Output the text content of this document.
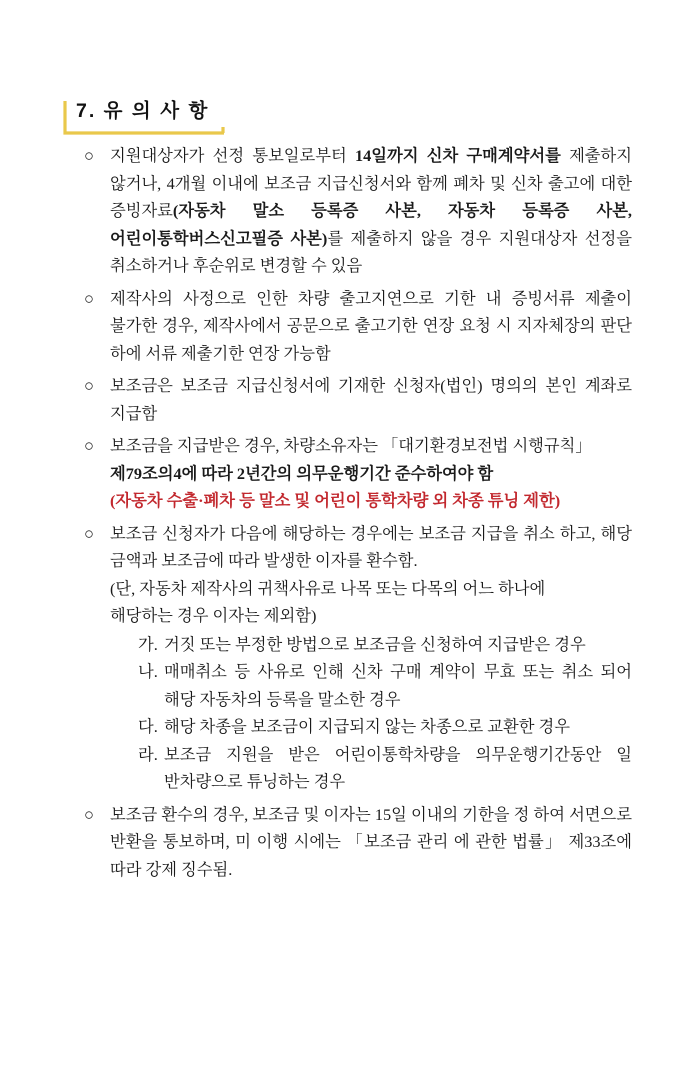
7. 유 의 사 항
○ 지원대상자가 선정 통보일로부터 14일까지 신차 구매계약서를 제출하지 않거나, 4개월 이내에 보조금 지급신청서와 함께 폐차 및 신차 출고에 대한 증빙자료(자동차 말소 등록증 사본, 자동차 등록증 사본, 어린이통학버스신고필증 사본)를 제출하지 않을 경우 지원대상자 선정을 취소하거나 후순위로 변경할 수 있음

○ 제작사의 사정으로 인한 차량 출고지연으로 기한 내 증빙서류 제출이 불가한 경우, 제작사에서 공문으로 출고기한 연장 요청 시 지자체장의 판단 하에 서류 제출기한 연장 가능함

○ 보조금은 보조금 지급신청서에 기재한 신청자(법인) 명의의 본인 계좌로 지급함

○ 보조금을 지급받은 경우, 차량소유자는 「대기환경보전법 시행규칙」

제79조의4에 따라 2년간의 의무운행기간 준수하여야 함

(자동차 수출·폐차 등 말소 및 어린이 통학차량 외 차종 튜닝 제한)

○ 보조금 신청자가 다음에 해당하는 경우에는 보조금 지급을 취소 하고, 해당 금액과 보조금에 따라 발생한 이자를 환수함.

(단, 자동차 제작사의 귀책사유로 나목 또는 다목의 어느 하나에

해당하는 경우 이자는 제외함)

가. 거짓 또는 부정한 방법으로 보조금을 신청하여 지급받은 경우
나. 매매취소 등 사유로 인해 신차 구매 계약이 무효 또는 취소 되어 해당 자동차의 등록을 말소한 경우
다. 해당 차종을 보조금이 지급되지 않는 차종으로 교환한 경우
라. 보조금 지원을 받은 어린이통학차량을 의무운행기간동안 일 반차량으로 튜닝하는 경우
○ 보조금 환수의 경우, 보조금 및 이자는 15일 이내의 기한을 정 하여 서면으로 반환을 통보하며, 미 이행 시에는 「보조금 관리 에 관한 법률」 제33조에 따라 강제 징수됨.
